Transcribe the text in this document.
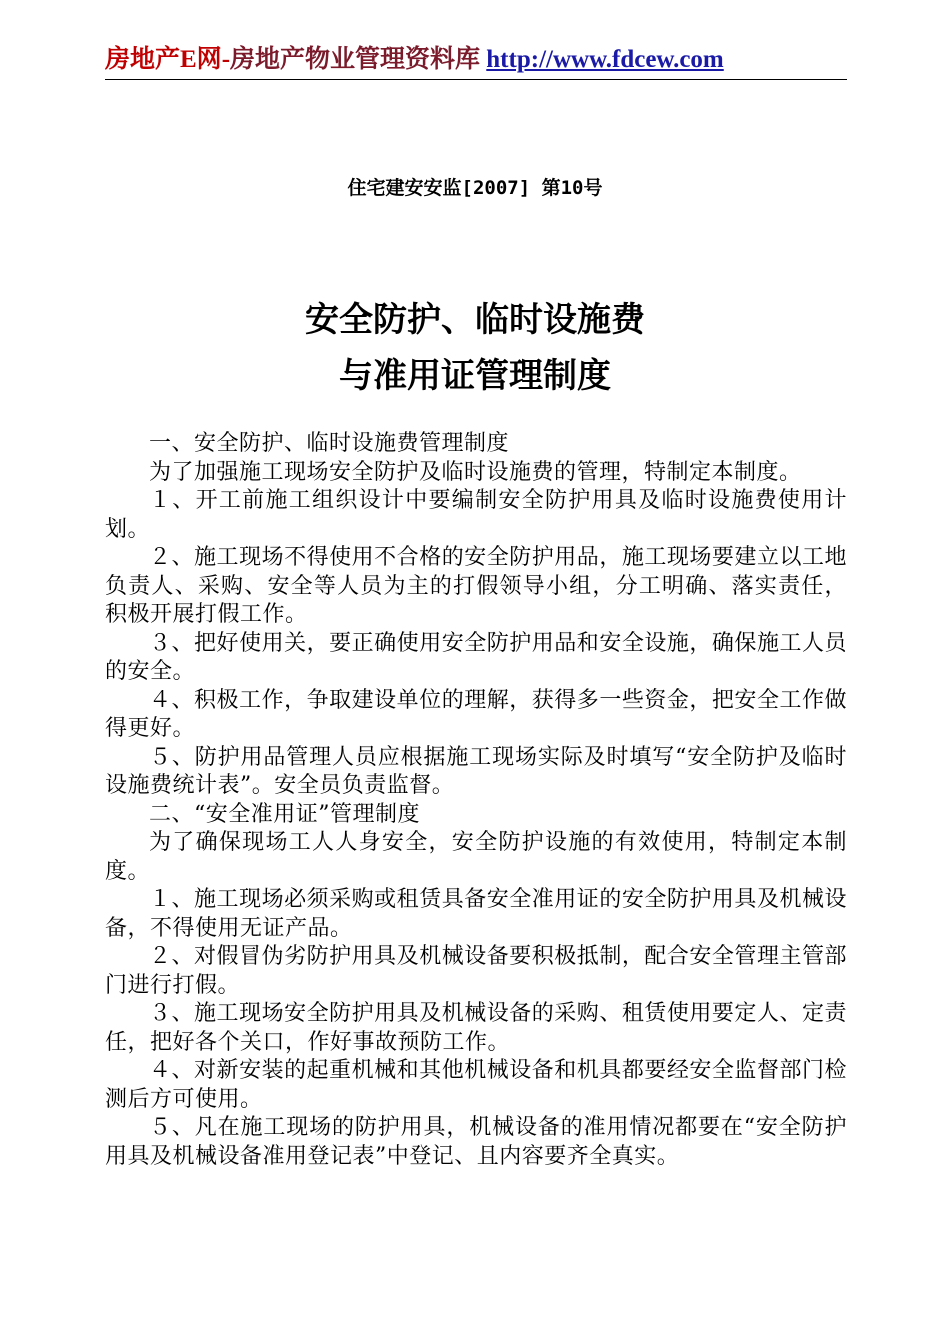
房地产E网-房地产物业管理资料库 http://www.fdcew.com
住宅建安安监[2007] 第10号
安全防护、临时设施费
与准用证管理制度

一、安全防护、临时设施费管理制度

为了加强施工现场安全防护及临时设施费的管理，特制定本制度。

１、开工前施工组织设计中要编制安全防护用具及临时设施费使用计划。

２、施工现场不得使用不合格的安全防护用品，施工现场要建立以工地负责人、采购、安全等人员为主的打假领导小组，分工明确、落实责任，积极开展打假工作。

３、把好使用关，要正确使用安全防护用品和安全设施，确保施工人员的安全。

４、积极工作，争取建设单位的理解，获得多一些资金，把安全工作做得更好。

５、防护用品管理人员应根据施工现场实际及时填写“安全防护及临时设施费统计表”。安全员负责监督。

二、“安全准用证”管理制度

为了确保现场工人人身安全，安全防护设施的有效使用，特制定本制度。

１、施工现场必须采购或租赁具备安全准用证的安全防护用具及机械设备，不得使用无证产品。

２、对假冒伪劣防护用具及机械设备要积极抵制，配合安全管理主管部门进行打假。

３、施工现场安全防护用具及机械设备的采购、租赁使用要定人、定责任，把好各个关口，作好事故预防工作。

４、对新安装的起重机械和其他机械设备和机具都要经安全监督部门检测后方可使用。

５、凡在施工现场的防护用具，机械设备的准用情况都要在“安全防护用具及机械设备准用登记表”中登记、且内容要齐全真实。
